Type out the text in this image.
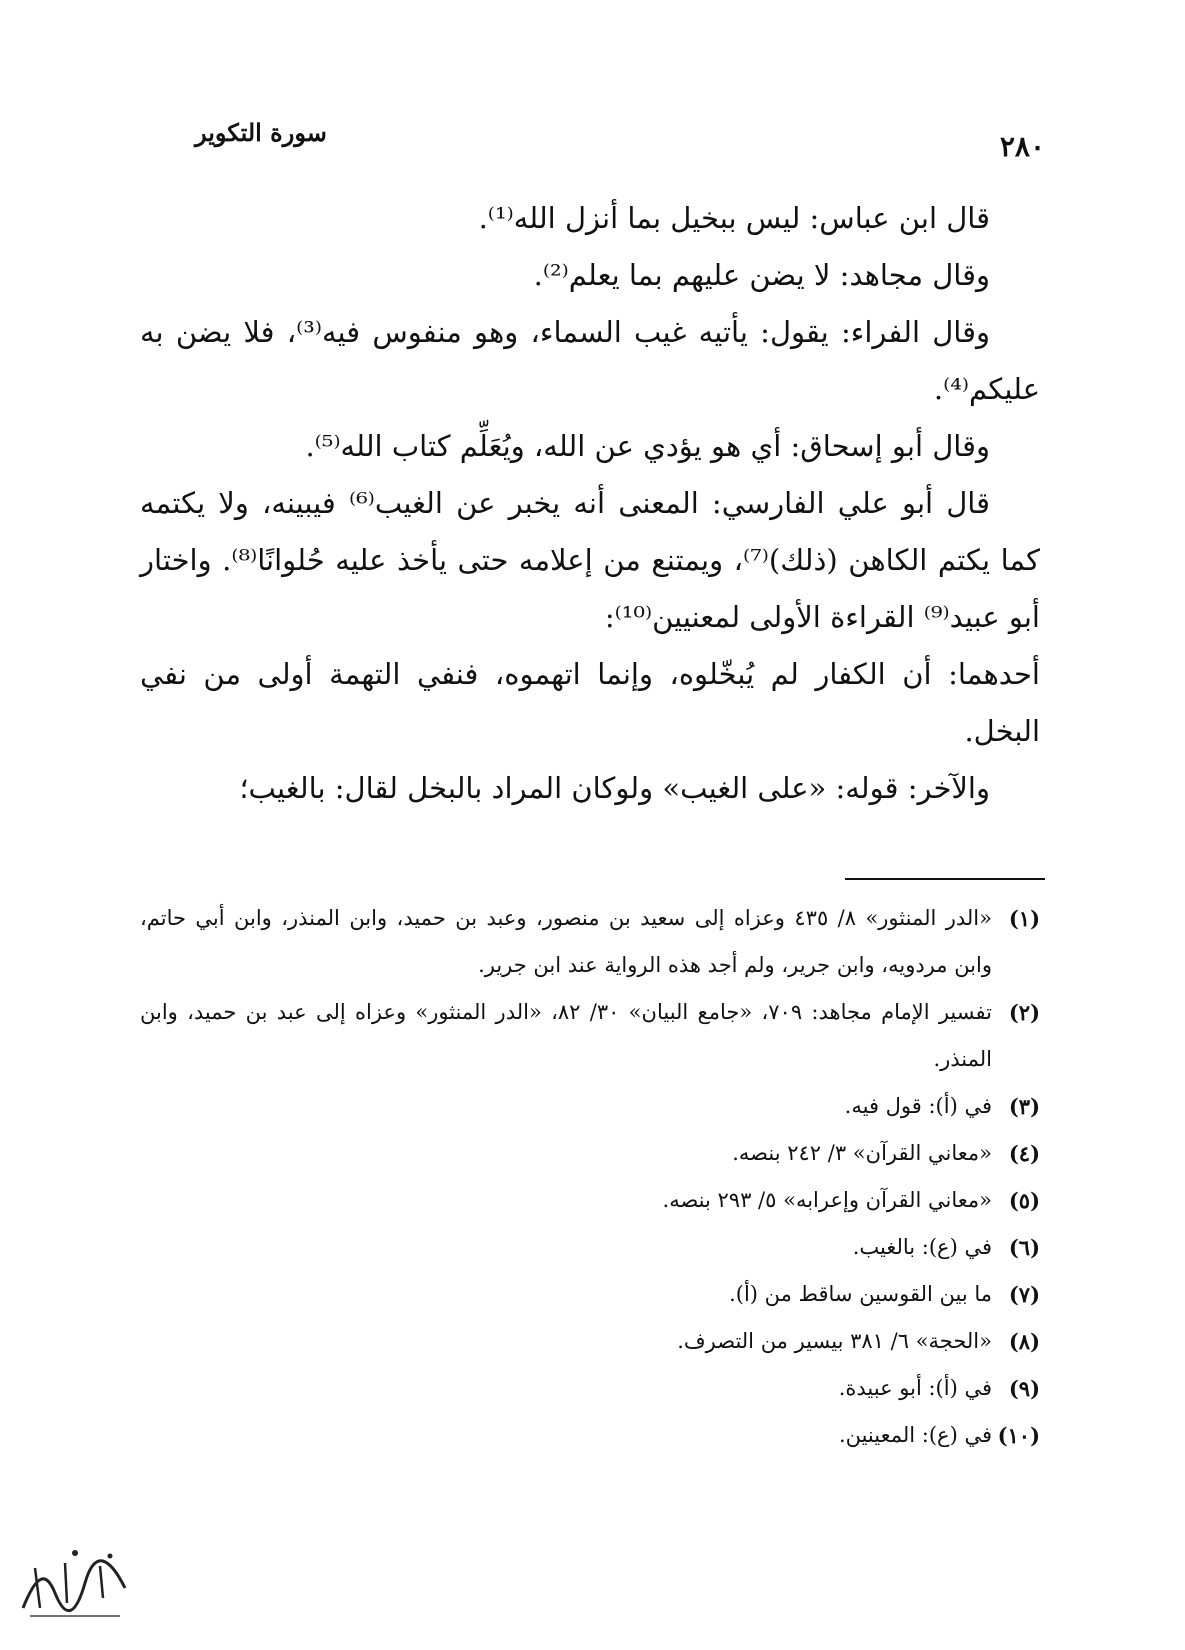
سورة التكوير	٢٨٠

قال ابن عباس: ليس ببخيل بما أنزل الله⁽¹⁾.

وقال مجاهد: لا يضن عليهم بما يعلم⁽²⁾.

وقال الفراء: يقول: يأتيه غيب السماء، وهو منفوس فيه⁽³⁾، فلا يضن به عليكم⁽⁴⁾.

وقال أبو إسحاق: أي هو يؤدي عن الله، ويُعَلِّم كتاب الله⁽⁵⁾.

قال أبو علي الفارسي: المعنى أنه يخبر عن الغيب⁽⁶⁾ فيبينه، ولا يكتمه كما يكتم الكاهن (ذلك)⁽⁷⁾، ويمتنع من إعلامه حتى يأخذ عليه حُلوانًا⁽⁸⁾. واختار أبو عبيد⁽⁹⁾ القراءة الأولى لمعنيين⁽¹⁰⁾:

أحدهما: أن الكفار لم يُبخّلوه، وإنما اتهموه، فنفي التهمة أولى من نفي البخل.

والآخر: قوله: «على الغيب» ولوكان المراد بالبخل لقال: بالغيب؛

(١)
«الدر المنثور» ٨/ ٤٣٥ وعزاه إلى سعيد بن منصور، وعبد بن حميد، وابن المنذر، وابن أبي حاتم، وابن مردويه، وابن جرير، ولم أجد هذه الرواية عند ابن جرير.
(٢)
تفسير الإمام مجاهد: ٧٠٩، «جامع البيان» ٣٠/ ٨٢، «الدر المنثور» وعزاه إلى عبد بن حميد، وابن المنذر.
(٣)
في (أ): قول فيه.
(٤)
«معاني القرآن» ٣/ ٢٤٢ بنصه.
(٥)
«معاني القرآن وإعرابه» ٥/ ٢٩٣ بنصه.
(٦)
في (ع): بالغيب.
(٧)
ما بين القوسين ساقط من (أ).
(٨)
«الحجة» ٦/ ٣٨١ بيسير من التصرف.
(٩)
في (أ): أبو عبيدة.
(١٠)
في (ع): المعينين.
